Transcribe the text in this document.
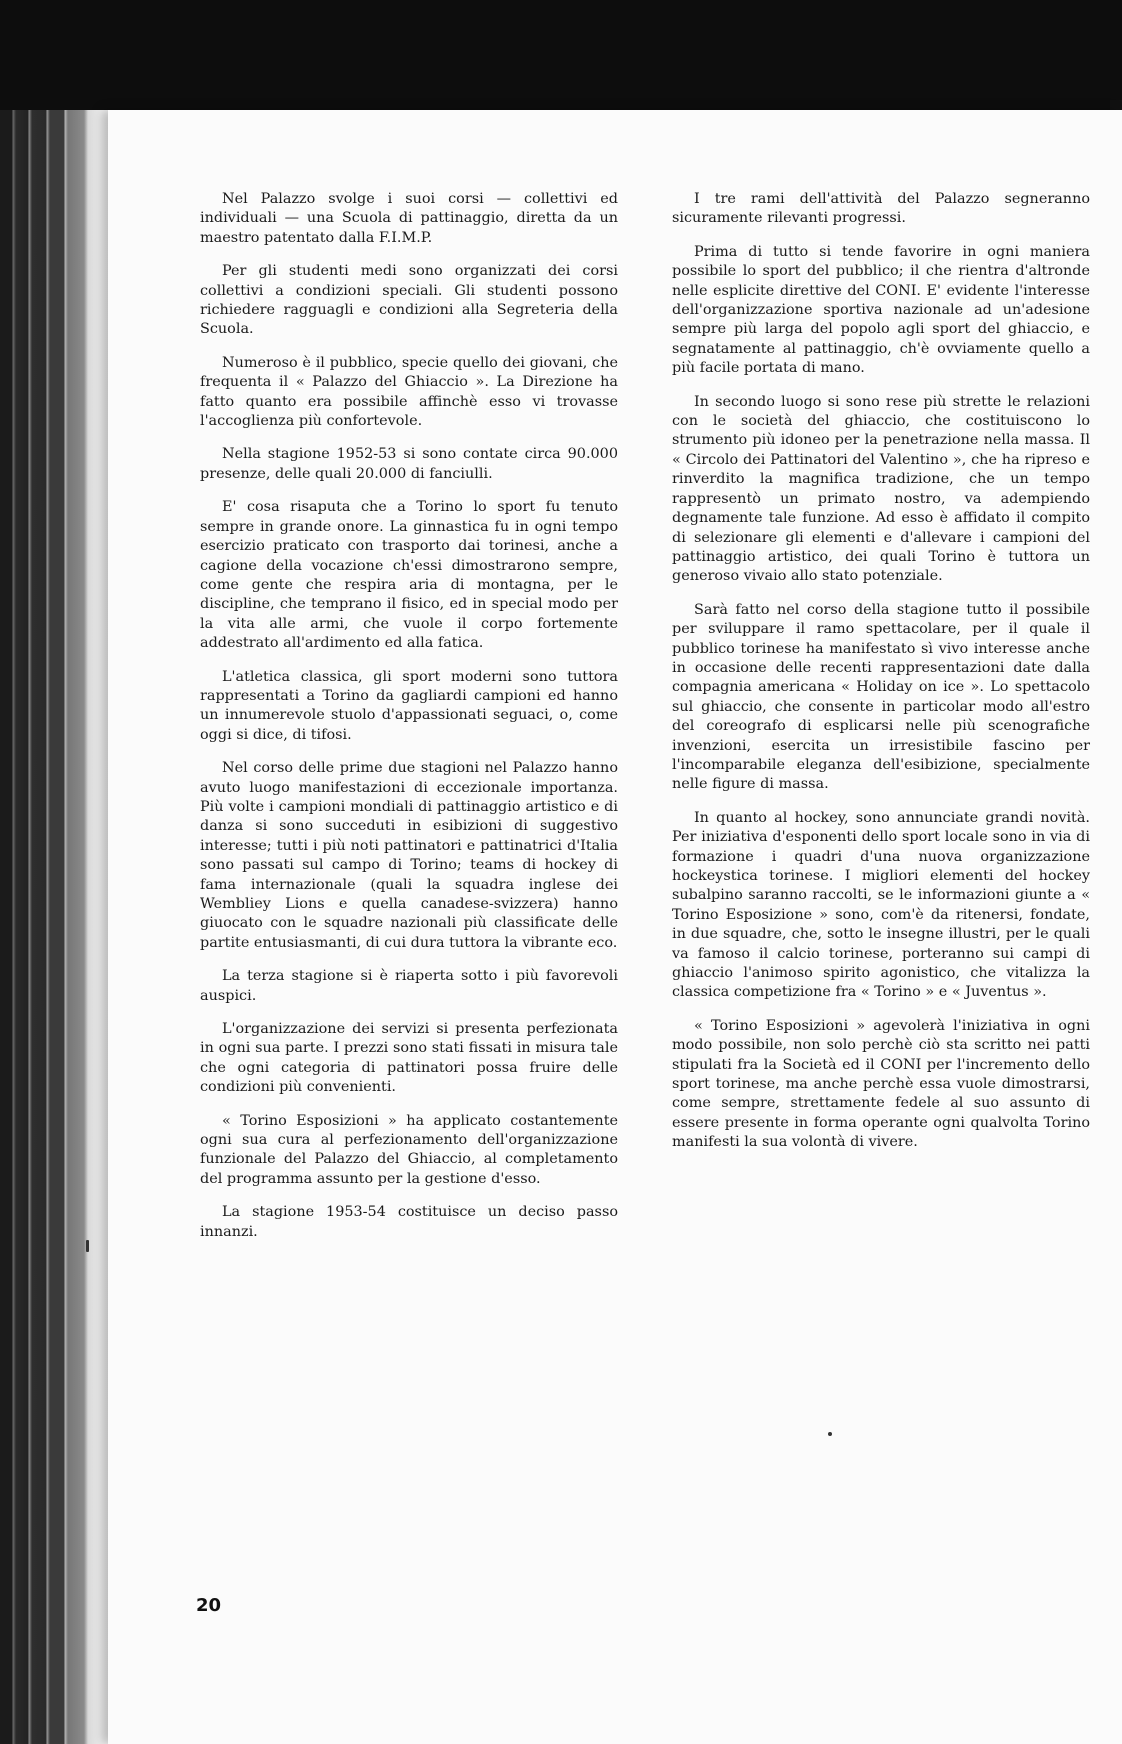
Nel Palazzo svolge i suoi corsi — collettivi ed individuali — una Scuola di pattinaggio, diretta da un maestro patentato dalla F.I.M.P.

Per gli studenti medi sono organizzati dei corsi collettivi a condizioni speciali. Gli studenti possono richiedere ragguagli e condizioni alla Segreteria della Scuola.

Numeroso è il pubblico, specie quello dei giovani, che frequenta il « Palazzo del Ghiaccio ». La Direzione ha fatto quanto era possibile affinchè esso vi trovasse l'accoglienza più confortevole.

Nella stagione 1952-53 si sono contate circa 90.000 presenze, delle quali 20.000 di fanciulli.

E' cosa risaputa che a Torino lo sport fu tenuto sempre in grande onore. La ginnastica fu in ogni tempo esercizio praticato con trasporto dai torinesi, anche a cagione della vocazione ch'essi dimostrarono sempre, come gente che respira aria di montagna, per le discipline, che temprano il fisico, ed in special modo per la vita alle armi, che vuole il corpo fortemente addestrato all'ardimento ed alla fatica.

L'atletica classica, gli sport moderni sono tuttora rappresentati a Torino da gagliardi campioni ed hanno un innumerevole stuolo d'appassionati seguaci, o, come oggi si dice, di tifosi.

Nel corso delle prime due stagioni nel Palazzo hanno avuto luogo manifestazioni di eccezionale importanza. Più volte i campioni mondiali di pattinaggio artistico e di danza si sono succeduti in esibizioni di suggestivo interesse; tutti i più noti pattinatori e pattinatrici d'Italia sono passati sul campo di Torino; teams di hockey di fama internazionale (quali la squadra inglese dei Wembliey Lions e quella canadese-svizzera) hanno giuocato con le squadre nazionali più classificate delle partite entusiasmanti, di cui dura tuttora la vibrante eco.

La terza stagione si è riaperta sotto i più favorevoli auspici.

L'organizzazione dei servizi si presenta perfezionata in ogni sua parte. I prezzi sono stati fissati in misura tale che ogni categoria di pattinatori possa fruire delle condizioni più convenienti.

« Torino Esposizioni » ha applicato costantemente ogni sua cura al perfezionamento dell'organizzazione funzionale del Palazzo del Ghiaccio, al completamento del programma assunto per la gestione d'esso.

La stagione 1953-54 costituisce un deciso passo innanzi.

I tre rami dell'attività del Palazzo segneranno sicuramente rilevanti progressi.

Prima di tutto si tende favorire in ogni maniera possibile lo sport del pubblico; il che rientra d'altronde nelle esplicite direttive del CONI. E' evidente l'interesse dell'organizzazione sportiva nazionale ad un'adesione sempre più larga del popolo agli sport del ghiaccio, e segnatamente al pattinaggio, ch'è ovviamente quello a più facile portata di mano.

In secondo luogo si sono rese più strette le relazioni con le società del ghiaccio, che costituiscono lo strumento più idoneo per la penetrazione nella massa. Il « Circolo dei Pattinatori del Valentino », che ha ripreso e rinverdito la magnifica tradizione, che un tempo rappresentò un primato nostro, va adempiendo degnamente tale funzione. Ad esso è affidato il compito di selezionare gli elementi e d'allevare i campioni del pattinaggio artistico, dei quali Torino è tuttora un generoso vivaio allo stato potenziale.

Sarà fatto nel corso della stagione tutto il possibile per sviluppare il ramo spettacolare, per il quale il pubblico torinese ha manifestato sì vivo interesse anche in occasione delle recenti rappresentazioni date dalla compagnia americana « Holiday on ice ». Lo spettacolo sul ghiaccio, che consente in particolar modo all'estro del coreografo di esplicarsi nelle più scenografiche invenzioni, esercita un irresistibile fascino per l'incomparabile eleganza dell'esibizione, specialmente nelle figure di massa.

In quanto al hockey, sono annunciate grandi novità. Per iniziativa d'esponenti dello sport locale sono in via di formazione i quadri d'una nuova organizzazione hockeystica torinese. I migliori elementi del hockey subalpino saranno raccolti, se le informazioni giunte a « Torino Esposizione » sono, com'è da ritenersi, fondate, in due squadre, che, sotto le insegne illustri, per le quali va famoso il calcio torinese, porteranno sui campi di ghiaccio l'animoso spirito agonistico, che vitalizza la classica competizione fra « Torino » e « Juventus ».

« Torino Esposizioni » agevolerà l'iniziativa in ogni modo possibile, non solo perchè ciò sta scritto nei patti stipulati fra la Società ed il CONI per l'incremento dello sport torinese, ma anche perchè essa vuole dimostrarsi, come sempre, strettamente fedele al suo assunto di essere presente in forma operante ogni qualvolta Torino manifesti la sua volontà di vivere.

20
